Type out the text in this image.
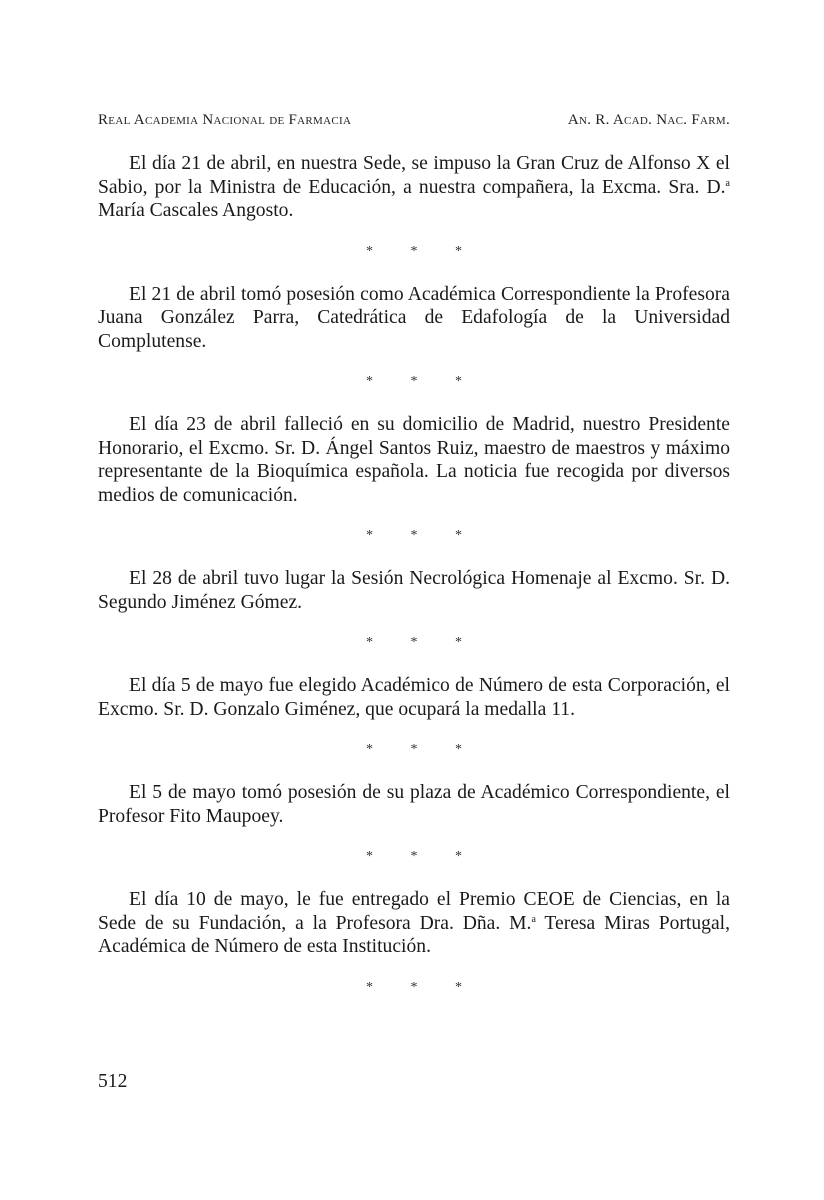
Real Academia Nacional de Farmacia	An. R. Acad. Nac. Farm.

El día 21 de abril, en nuestra Sede, se impuso la Gran Cruz de Alfonso X el Sabio, por la Ministra de Educación, a nuestra compañera, la Excma. Sra. D.$^a$ María Cascales Angosto.

* * *

El 21 de abril tomó posesión como Académica Correspondiente la Profesora Juana González Parra, Catedrática de Edafología de la Universidad Complutense.

* * *

El día 23 de abril falleció en su domicilio de Madrid, nuestro Presidente Honorario, el Excmo. Sr. D. Ángel Santos Ruiz, maestro de maestros y máximo representante de la Bioquímica española. La noticia fue recogida por diversos medios de comunicación.

* * *

El 28 de abril tuvo lugar la Sesión Necrológica Homenaje al Excmo. Sr. D. Segundo Jiménez Gómez.

* * *

El día 5 de mayo fue elegido Académico de Número de esta Corporación, el Excmo. Sr. D. Gonzalo Giménez, que ocupará la medalla 11.

* * *

El 5 de mayo tomó posesión de su plaza de Académico Correspondiente, el Profesor Fito Maupoey.

* * *

El día 10 de mayo, le fue entregado el Premio CEOE de Ciencias, en la Sede de su Fundación, a la Profesora Dra. Dña. M.$^a$ Teresa Miras Portugal, Académica de Número de esta Institución.

* * *
512
